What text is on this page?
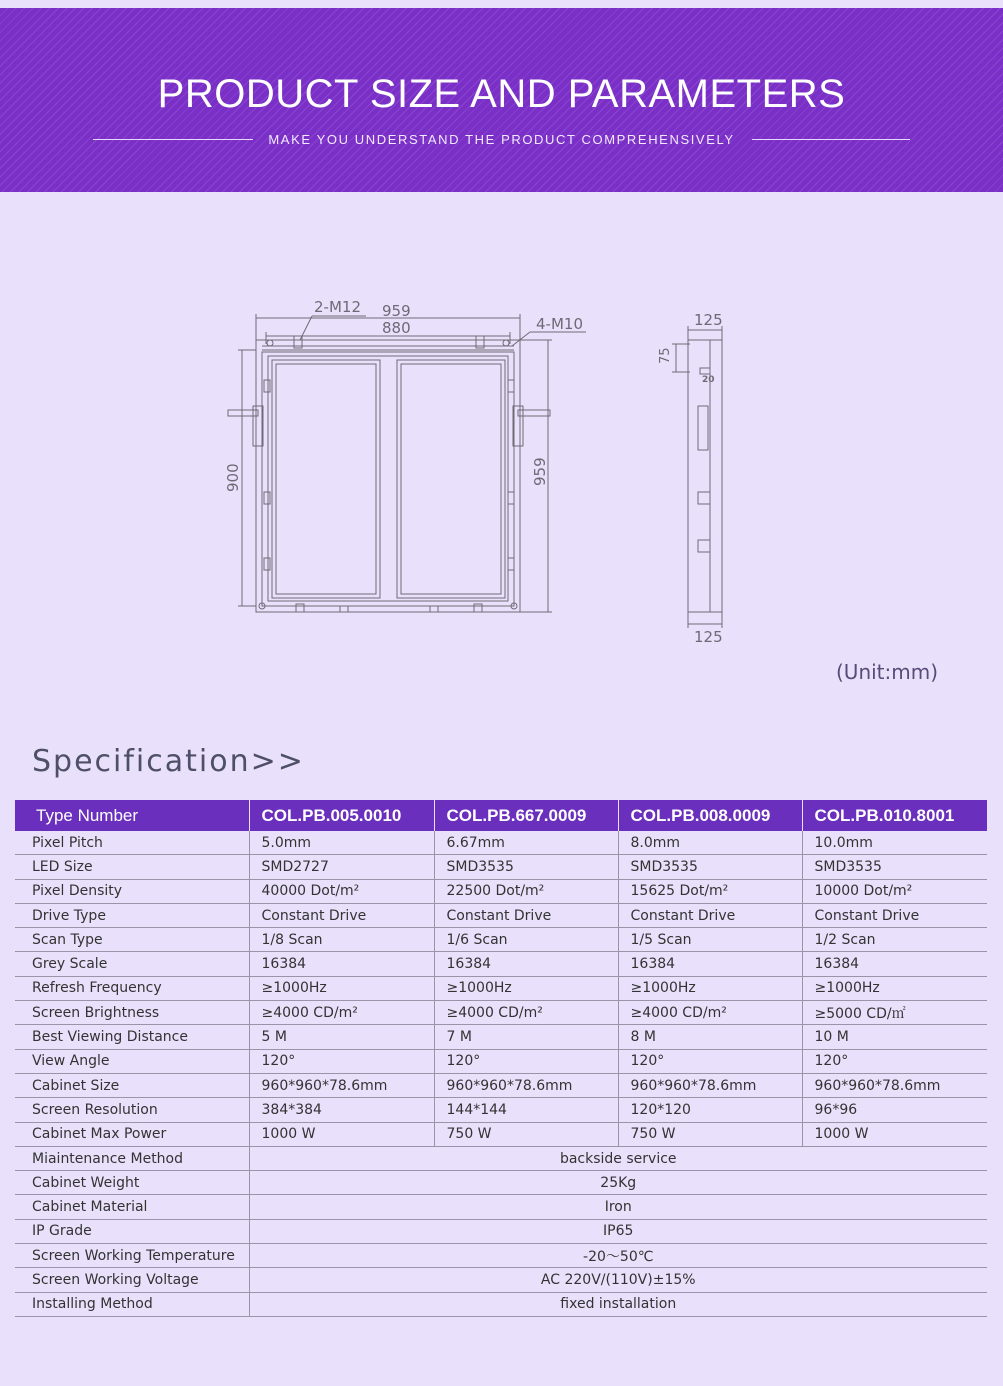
PRODUCT SIZE AND PARAMETERS
MAKE YOU UNDERSTAND THE PRODUCT COMPREHENSIVELY
2-M12 959
880	4-M10	125
125
900	959
75
20
(Unit:mm)
Specification>>
Type Number	COL.PB.005.0010	COL.PB.667.0009	COL.PB.008.0009	COL.PB.010.8001
Pixel Pitch	5.0mm	6.67mm	8.0mm	10.0mm
LED Size	SMD2727	SMD3535	SMD3535	SMD3535
Pixel Density	40000 Dot/m²	22500 Dot/m²	15625 Dot/m²	10000 Dot/m²
Drive Type	Constant Drive	Constant Drive	Constant Drive	Constant Drive
Scan Type	1/8 Scan	1/6 Scan	1/5 Scan	1/2 Scan
Grey Scale	16384	16384	16384	16384
Refresh Frequency	≥1000Hz	≥1000Hz	≥1000Hz	≥1000Hz
Screen Brightness	≥4000 CD/m²	≥4000 CD/m²	≥4000 CD/m²	≥5000 CD/㎡
Best Viewing Distance	5 M	7 M	8 M	10 M
View Angle	120°	120°	120°	120°
Cabinet Size	960*960*78.6mm	960*960*78.6mm	960*960*78.6mm	960*960*78.6mm
Screen Resolution	384*384	144*144	120*120	96*96
Cabinet Max Power	1000 W	750 W	750 W	1000 W
Miaintenance Method	backside service			
Cabinet Weight	25Kg			
Cabinet Material	Iron			
IP Grade	IP65			
Screen Working Temperature	-20～50℃			
Screen Working Voltage	AC 220V/(110V)±15%			
Installing Method	fixed installation			
